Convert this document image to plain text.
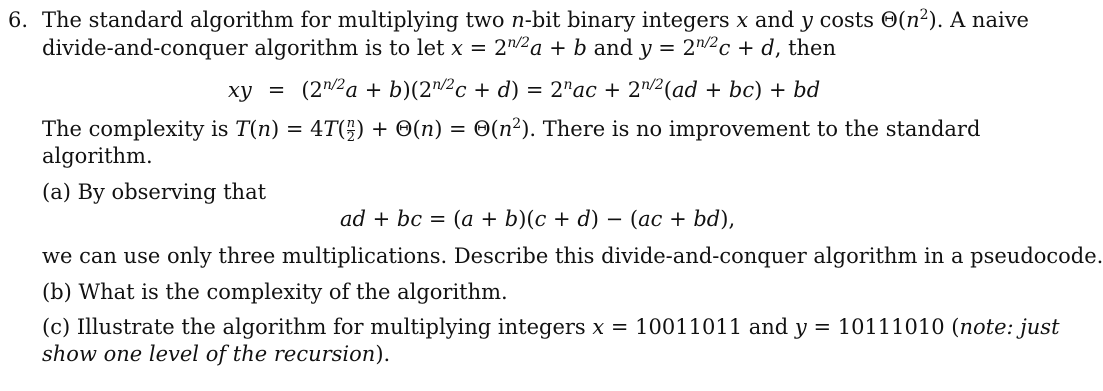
6. The standard algorithm for multiplying two n-bit binary integers x and y costs $\Theta(n^2)$. A naive
divide-and-conquer algorithm is to let $x = 2^{n/2}a + b$ and $y = 2^{n/2}c + d$, then
xy = $(2^{n/2}a + b)(2^{n/2}c + d) = 2^nac + 2^{n/2}(ad + bc)$ + bd
The complexity is $T(n) = 4T( \frac{n}{2}$ ) + $\Theta(n) = \Theta(n^2)$. There is no improvement to the standard
algorithm.
(a) By observing that
ad + bc = (a + b)(c + d) − (ac + bd),
we can use only three multiplications. Describe this divide-and-conquer algorithm in a pseudocode.
(b) What is the complexity of the algorithm.
(c) Illustrate the algorithm for multiplying integers x = 10011011 and y = 10111010 (note: just
show one level of the recursion).
